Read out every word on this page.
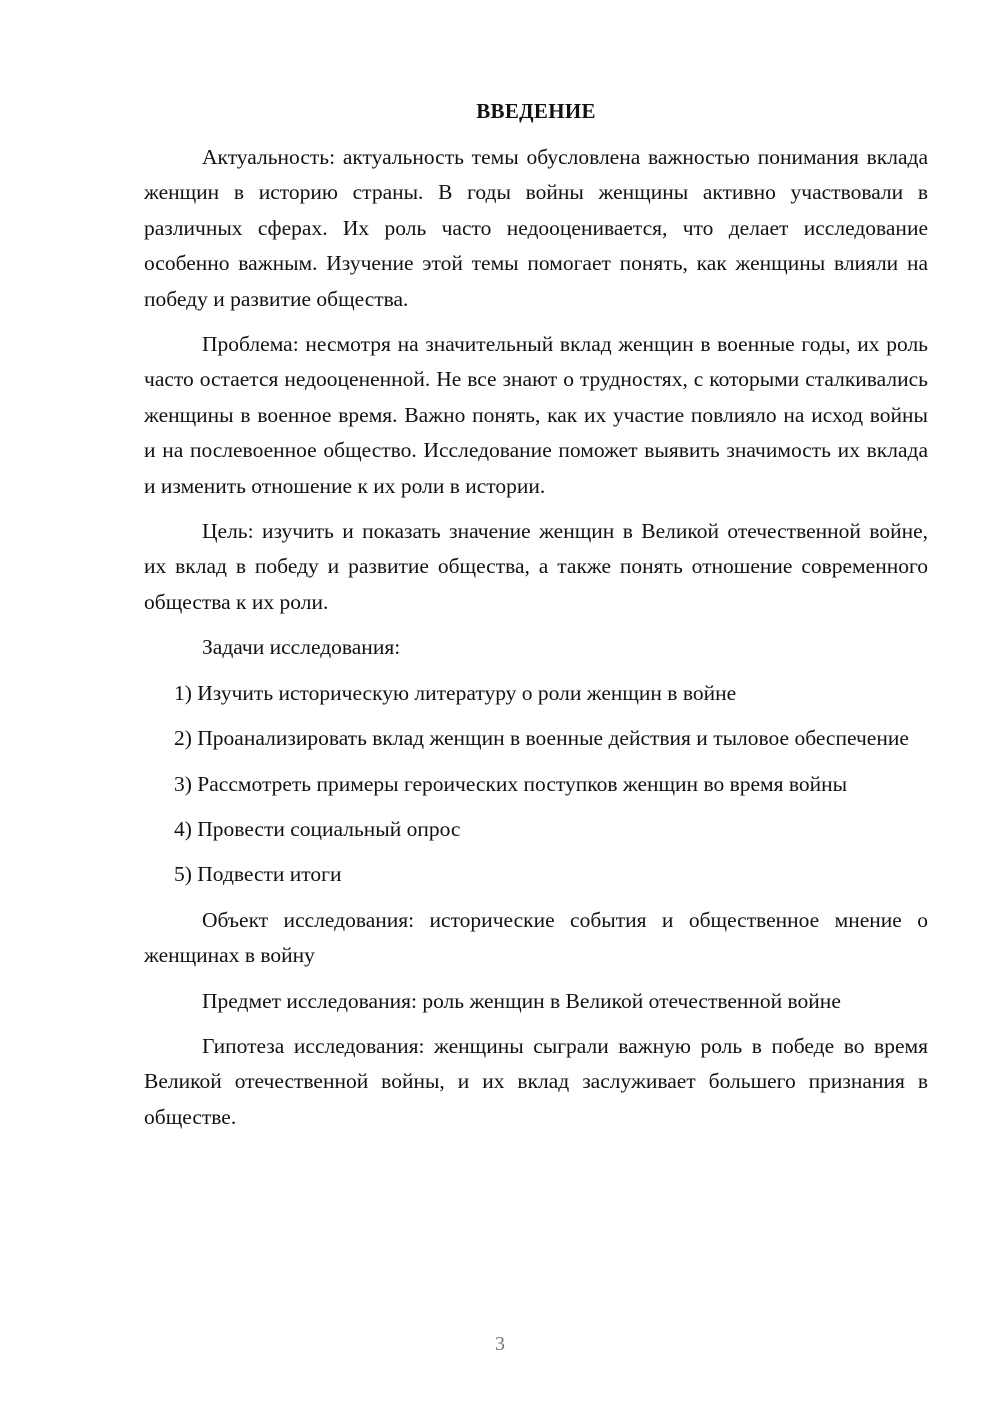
ВВЕДЕНИЕ

Актуальность: актуальность темы обусловлена важностью понимания вклада женщин в историю страны. В годы войны женщины активно участвовали в различных сферах. Их роль часто недооценивается, что делает исследование особенно важным. Изучение этой темы помогает понять, как женщины влияли на победу и развитие общества.

Проблема: несмотря на значительный вклад женщин в военные годы, их роль часто остается недооцененной. Не все знают о трудностях, с которыми сталкивались женщины в военное время. Важно понять, как их участие повлияло на исход войны и на послевоенное общество. Исследование поможет выявить значимость их вклада и изменить отношение к их роли в истории.

Цель: изучить и показать значение женщин в Великой отечественной войне, их вклад в победу и развитие общества, а также понять отношение современного общества к их роли.

Задачи исследования:

1) Изучить историческую литературу о роли женщин в войне

2) Проанализировать вклад женщин в военные действия и тыловое обеспечение

3) Рассмотреть примеры героических поступков женщин во время войны

4) Провести социальный опрос

5) Подвести итоги

Объект исследования: исторические события и общественное мнение о женщинах в войну

Предмет исследования: роль женщин в Великой отечественной войне

Гипотеза исследования: женщины сыграли важную роль в победе во время Великой отечественной войны, и их вклад заслуживает большего признания в обществе.

3
